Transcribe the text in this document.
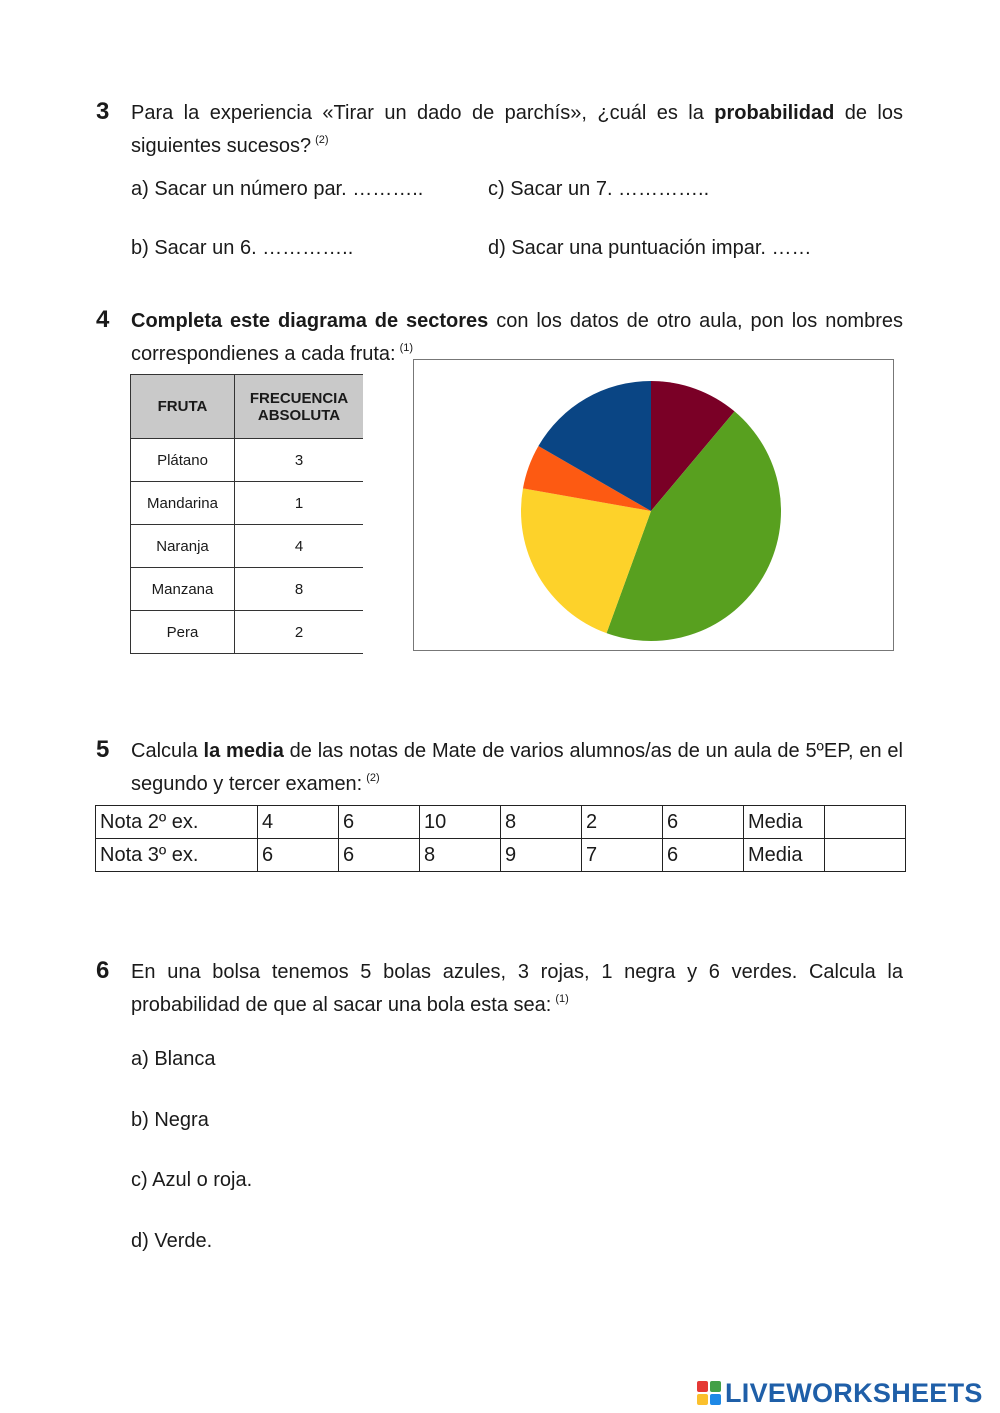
3 Para la experiencia «Tirar un dado de parchís», ¿cuál es la probabilidad de los siguientes sucesos? $^{(2)}$
a) Sacar un número par. ………..	c) Sacar un 7. …………..
b) Sacar un 6. …………..	d) Sacar una puntuación impar. ……
4 Completa este diagrama de sectores con los datos de otro aula, pon los nombres correspondienes a cada fruta: $^{(1)}$
FRUTA	FRECUENCIA
ABSOLUTA
Plátano	3
Mandarina	1
Naranja	4
Manzana	8
Pera	2
5 Calcula la media de las notas de Mate de varios alumnos/as de un aula de 5ºEP, en el segundo y tercer examen: $^{(2)}$
Nota 2º ex.	4	6	10	8	2	6	Media	
Nota 3º ex.	6	6	8	9	7	6	Media	
6 En una bolsa tenemos 5 bolas azules, 3 rojas, 1 negra y 6 verdes. Calcula la probabilidad de que al sacar una bola esta sea: $^{(1)}$
a) Blanca
b) Negra
c) Azul o roja.
d) Verde.
LIVEWORKSHEETS
